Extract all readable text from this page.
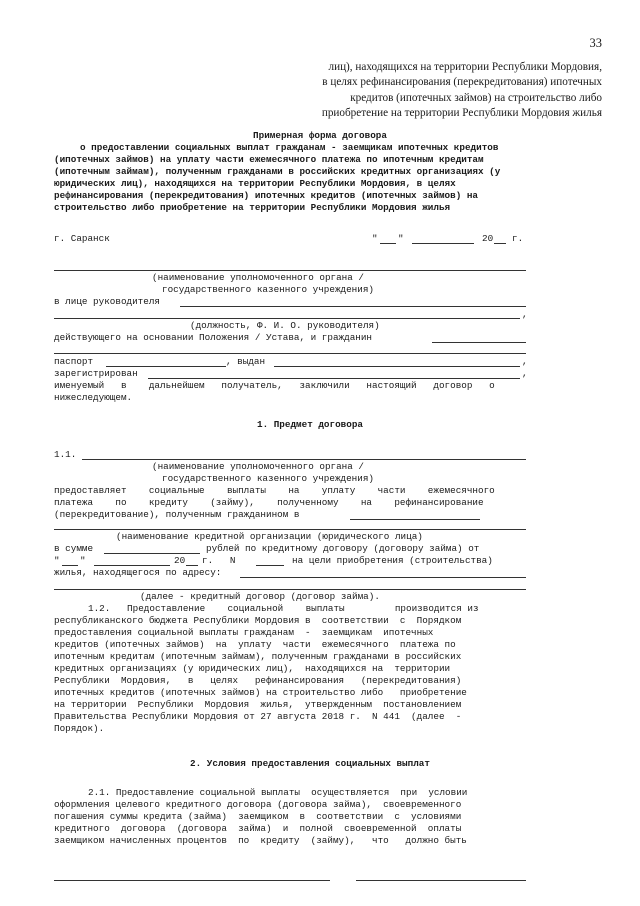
33
лиц), находящихся на территории Республики Мордовия,
в целях рефинансирования (перекредитования) ипотечных
кредитов (ипотечных займов) на строительство либо
приобретение на территории Республики Мордовия жилья
Примерная форма договора
о предоставлении социальных выплат гражданам - заемщикам ипотечных кредитов
(ипотечных займов) на уплату части ежемесячного платежа по ипотечным кредитам
(ипотечным займам), полученным гражданами в российских кредитных организациях (у
юридических лиц), находящихся на территории Республики Мордовия, в целях
рефинансирования (перекредитования) ипотечных кредитов (ипотечных займов) на
строительство либо приобретение на территории Республики Мордовия жилья
г. Саранск	" "	20 г.
(наименование уполномоченного органа /
государственного казенного учреждения)
в лице руководителя
,
(должность, Ф. И. О. руководителя)
действующего на основании Положения / Устава, и гражданин
паспорт	, выдан	,
зарегистрирован	,
именуемый   в    дальнейшем   получатель,   заключили   настоящий   договор   о
нижеследующем.
1. Предмет договора
1.1.
(наименование уполномоченного органа /
государственного казенного учреждения)
предоставляет    социальные    выплаты    на    уплату    части    ежемесячного
платежа    по    кредиту    (займу),    полученному    на    рефинансирование
(перекредитование), полученным гражданином в
(наименование кредитной организации (юридического лица)
в сумме	рублей по кредитному договору (договору займа) от
" "	20 г.   N	на цели приобретения (строительства)
жилья, находящегося по адресу:
(далее - кредитный договор (договор займа).
1.2.   Предоставление    социальной    выплаты         производится из
республиканского бюджета Республики Мордовия в  соответствии  с  Порядком
предоставления социальной выплаты гражданам  -  заемщикам  ипотечных
кредитов (ипотечных займов)  на  уплату  части  ежемесячного  платежа по
ипотечным кредитам (ипотечным займам), полученным гражданами в российских
кредитных организациях (у юридических лиц),  находящихся на  территории
Республики  Мордовия,   в   целях   рефинансирования   (перекредитования)
ипотечных кредитов (ипотечных займов) на строительство либо   приобретение
на территории  Республики  Мордовия  жилья,  утвержденным  постановлением
Правительства Республики Мордовия от 27 августа 2018 г.  N 441  (далее  -
Порядок).
2. Условия предоставления социальных выплат
2.1. Предоставление социальной выплаты  осуществляется  при  условии
оформления целевого кредитного договора (договора займа),  своевременного
погашения суммы кредита (займа)  заемщиком  в  соответствии  с  условиями
кредитного  договора  (договора  займа)  и  полной  своевременной  оплаты
заемщиком начисленных процентов  по  кредиту  (займу),   что   должно быть
